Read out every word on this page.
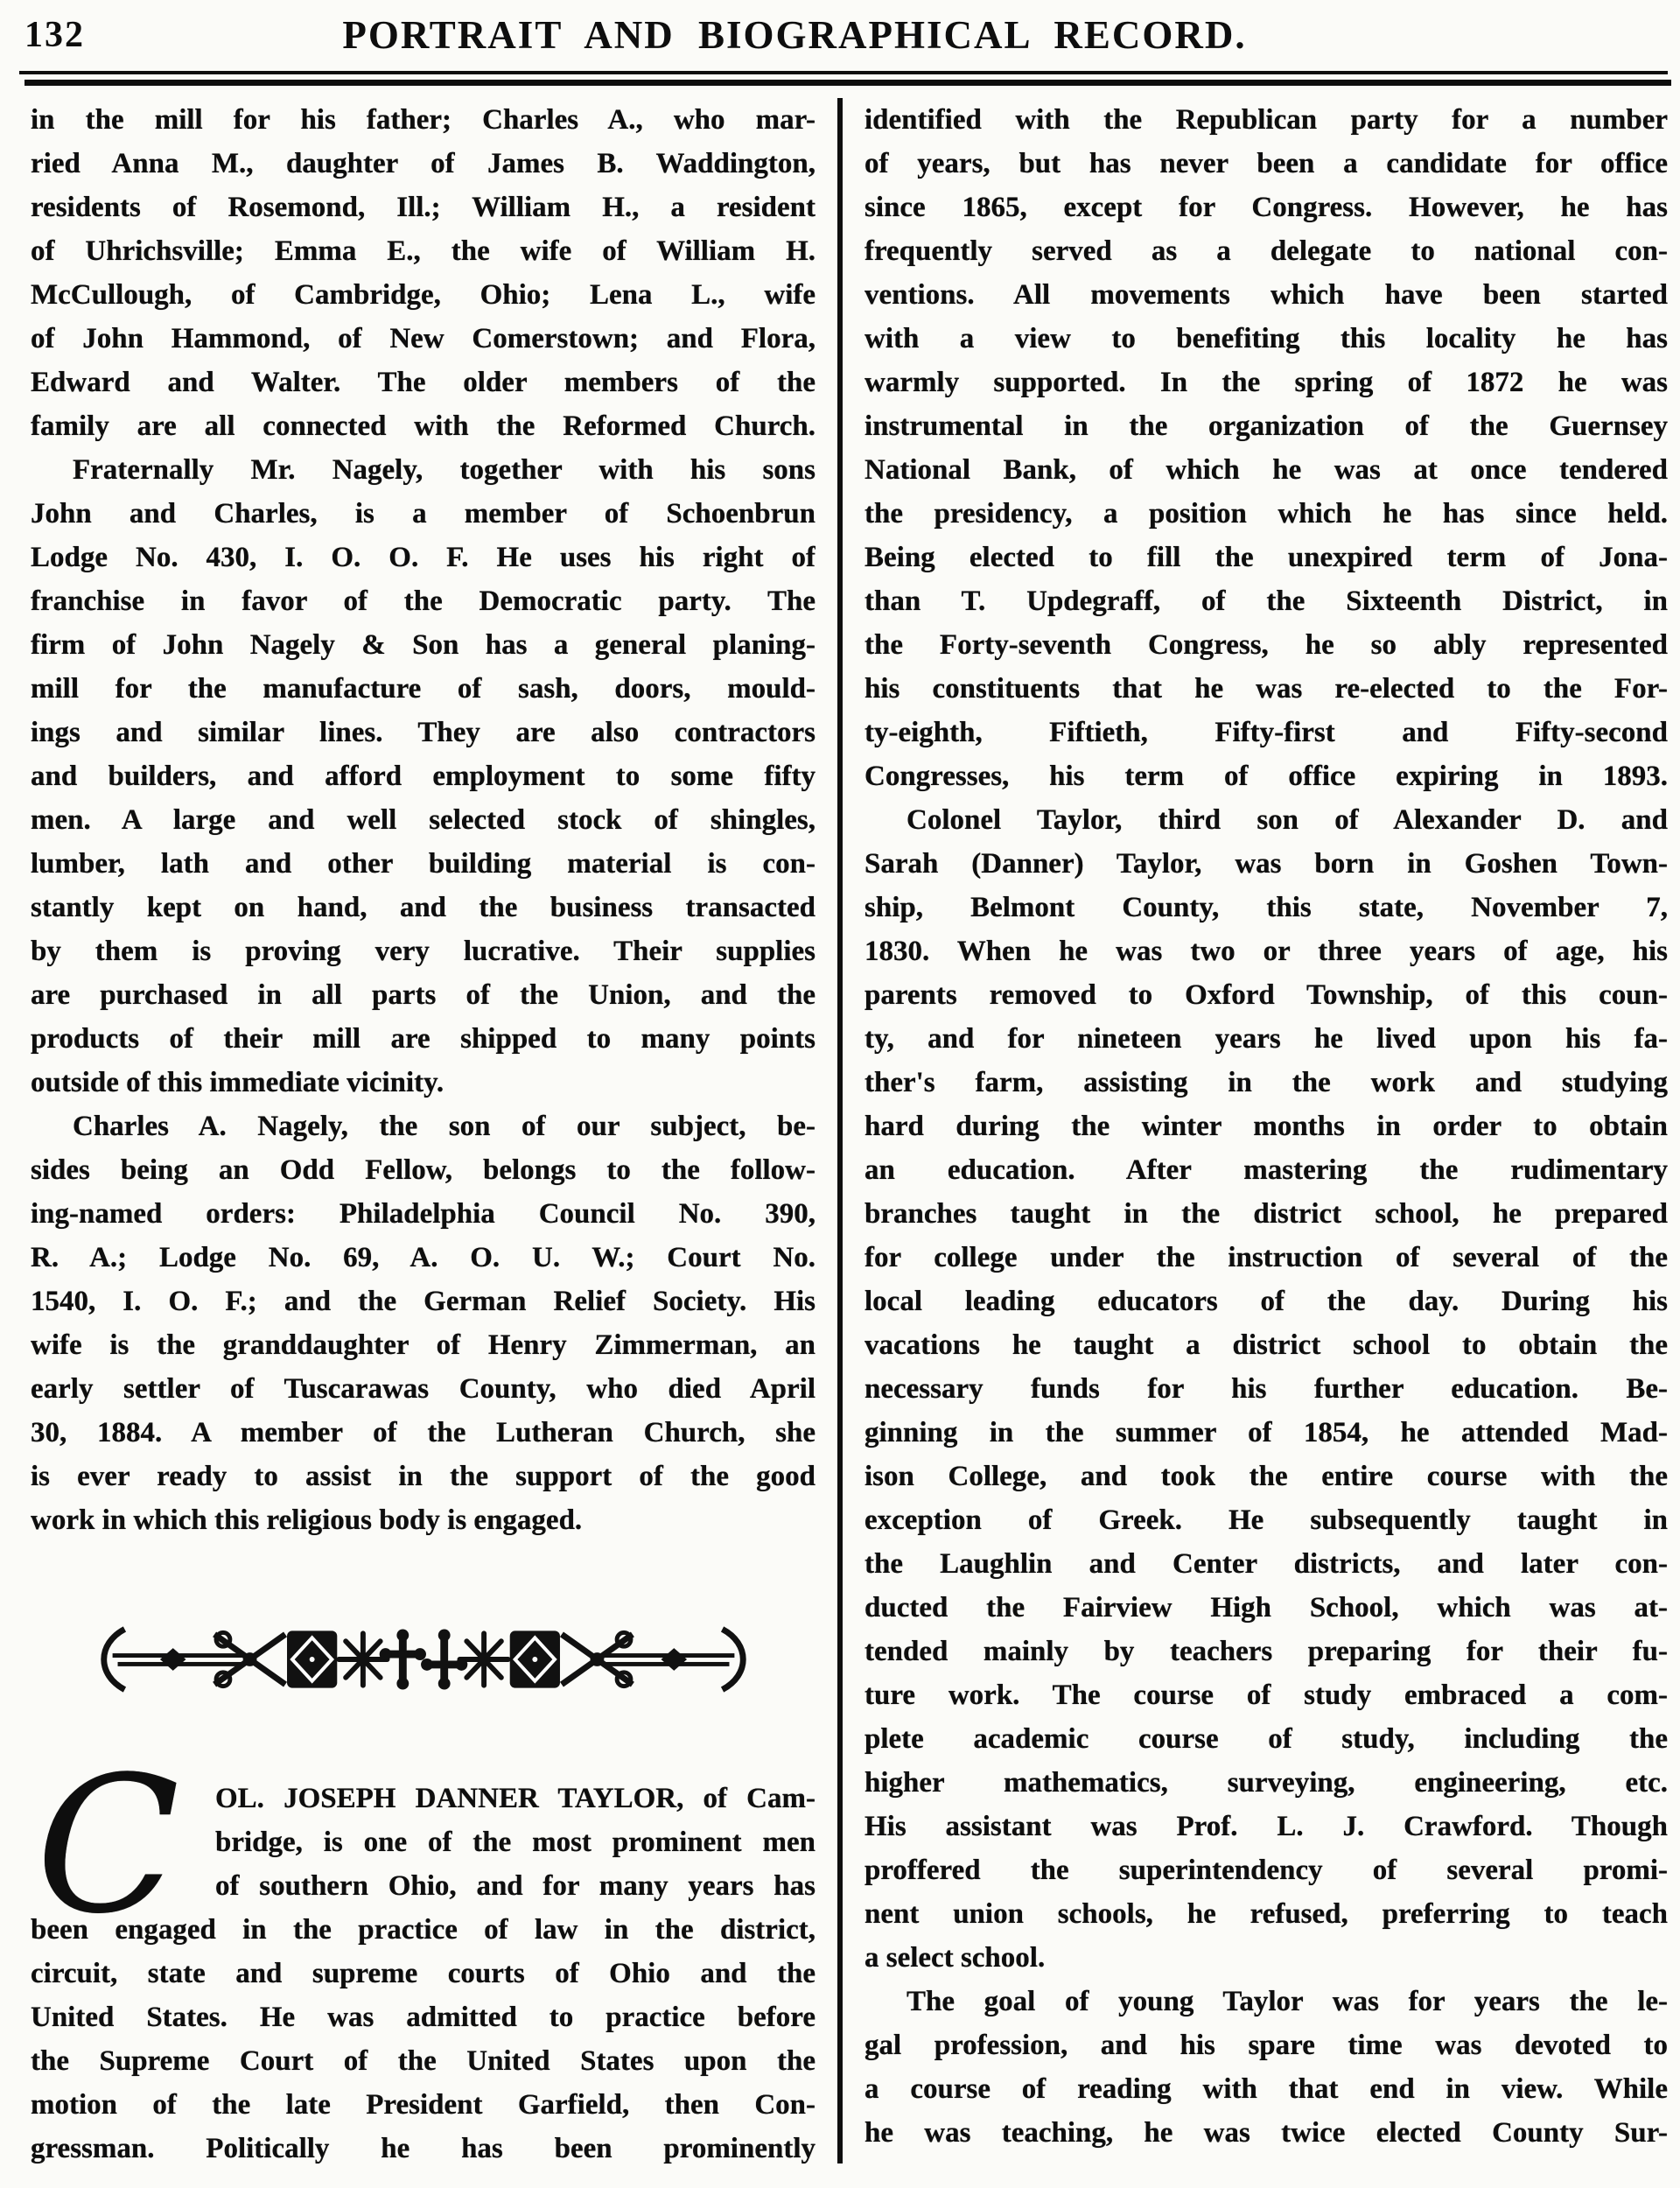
132	PORTRAIT AND BIOGRAPHICAL RECORD.
in the mill for his father; Charles A., who mar-
ried Anna M., daughter of James B. Waddington,
residents of Rosemond, Ill.; William H., a resident
of Uhrichsville; Emma E., the wife of William H.
McCullough, of Cambridge, Ohio; Lena L., wife
of John Hammond, of New Comerstown; and Flora,
Edward and Walter. The older members of the
family are all connected with the Reformed Church.
Fraternally Mr. Nagely, together with his sons
John and Charles, is a member of Schoenbrun
Lodge No. 430, I. O. O. F. He uses his right of
franchise in favor of the Democratic party. The
firm of John Nagely & Son has a general planing-
mill for the manufacture of sash, doors, mould-
ings and similar lines. They are also contractors
and builders, and afford employment to some fifty
men. A large and well selected stock of shingles,
lumber, lath and other building material is con-
stantly kept on hand, and the business transacted
by them is proving very lucrative. Their supplies
are purchased in all parts of the Union, and the
products of their mill are shipped to many points
outside of this immediate vicinity.
Charles A. Nagely, the son of our subject, be-
sides being an Odd Fellow, belongs to the follow-
ing-named orders: Philadelphia Council No. 390,
R. A.; Lodge No. 69, A. O. U. W.; Court No.
1540, I. O. F.; and the German Relief Society. His
wife is the granddaughter of Henry Zimmerman, an
early settler of Tuscarawas County, who died April
30, 1884. A member of the Lutheran Church, she
is ever ready to assist in the support of the good
work in which this religious body is engaged.
C	OL. JOSEPH DANNER TAYLOR, of Cam-
bridge, is one of the most prominent men
of southern Ohio, and for many years has
been engaged in the practice of law in the district,
circuit, state and supreme courts of Ohio and the
United States. He was admitted to practice before
the Supreme Court of the United States upon the
motion of the late President Garfield, then Con-
gressman. Politically he has been prominently
identified with the Republican party for a number
of years, but has never been a candidate for office
since 1865, except for Congress. However, he has
frequently served as a delegate to national con-
ventions. All movements which have been started
with a view to benefiting this locality he has
warmly supported. In the spring of 1872 he was
instrumental in the organization of the Guernsey
National Bank, of which he was at once tendered
the presidency, a position which he has since held.
Being elected to fill the unexpired term of Jona-
than T. Updegraff, of the Sixteenth District, in
the Forty-seventh Congress, he so ably represented
his constituents that he was re-elected to the For-
ty-eighth, Fiftieth, Fifty-first and Fifty-second
Congresses, his term of office expiring in 1893.
Colonel Taylor, third son of Alexander D. and
Sarah (Danner) Taylor, was born in Goshen Town-
ship, Belmont County, this state, November 7,
1830. When he was two or three years of age, his
parents removed to Oxford Township, of this coun-
ty, and for nineteen years he lived upon his fa-
ther's farm, assisting in the work and studying
hard during the winter months in order to obtain
an education. After mastering the rudimentary
branches taught in the district school, he prepared
for college under the instruction of several of the
local leading educators of the day. During his
vacations he taught a district school to obtain the
necessary funds for his further education. Be-
ginning in the summer of 1854, he attended Mad-
ison College, and took the entire course with the
exception of Greek. He subsequently taught in
the Laughlin and Center districts, and later con-
ducted the Fairview High School, which was at-
tended mainly by teachers preparing for their fu-
ture work. The course of study embraced a com-
plete academic course of study, including the
higher mathematics, surveying, engineering, etc.
His assistant was Prof. L. J. Crawford. Though
proffered the superintendency of several promi-
nent union schools, he refused, preferring to teach
a select school.
The goal of young Taylor was for years the le-
gal profession, and his spare time was devoted to
a course of reading with that end in view. While
he was teaching, he was twice elected County Sur-
